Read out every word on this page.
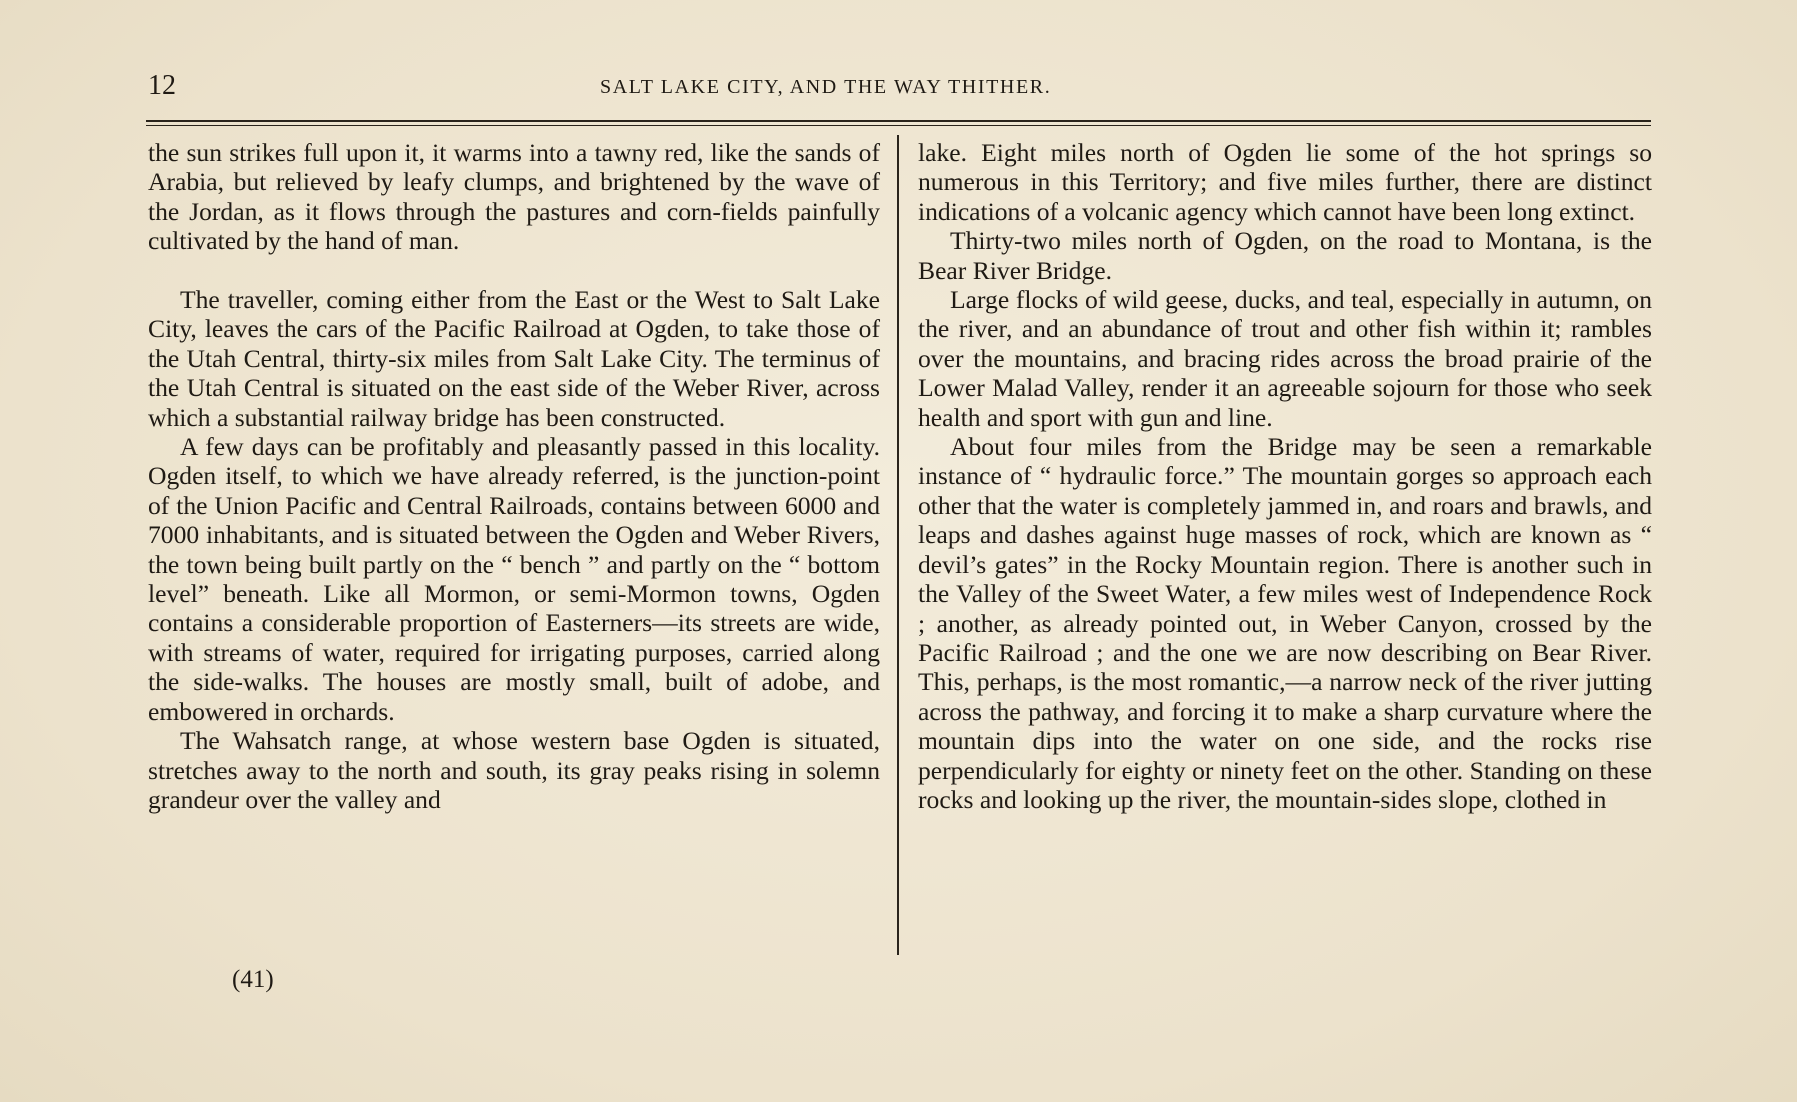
12	SALT LAKE CITY, AND THE WAY THITHER.

the sun strikes full upon it, it warms into a tawny red, like the sands of Arabia, but relieved by leafy clumps, and brightened by the wave of the Jordan, as it flows through the pastures and corn-fields painfully cultivated by the hand of man.

The traveller, coming either from the East or the West to Salt Lake City, leaves the cars of the Pacific Railroad at Ogden, to take those of the Utah Central, thirty-six miles from Salt Lake City. The terminus of the Utah Central is situated on the east side of the Weber River, across which a substantial railway bridge has been constructed.

A few days can be profitably and pleasantly passed in this locality. Ogden itself, to which we have already referred, is the junction-point of the Union Pacific and Central Railroads, contains between 6000 and 7000 inhabitants, and is situated between the Ogden and Weber Rivers, the town being built partly on the “ bench ” and partly on the “ bottom level” beneath. Like all Mormon, or semi-Mormon towns, Ogden contains a considerable proportion of Easterners—its streets are wide, with streams of water, required for irrigating purposes, carried along the side-walks. The houses are mostly small, built of adobe, and embowered in orchards.

The Wahsatch range, at whose western base Ogden is situated, stretches away to the north and south, its gray peaks rising in solemn grandeur over the valley and

lake. Eight miles north of Ogden lie some of the hot springs so numerous in this Territory; and five miles further, there are distinct indications of a volcanic agency which cannot have been long extinct.

Thirty-two miles north of Ogden, on the road to Montana, is the Bear River Bridge.

Large flocks of wild geese, ducks, and teal, especially in autumn, on the river, and an abundance of trout and other fish within it; rambles over the mountains, and bracing rides across the broad prairie of the Lower Malad Valley, render it an agreeable sojourn for those who seek health and sport with gun and line.

About four miles from the Bridge may be seen a remarkable instance of “ hydraulic force.” The mountain gorges so approach each other that the water is completely jammed in, and roars and brawls, and leaps and dashes against huge masses of rock, which are known as “ devil’s gates” in the Rocky Mountain region. There is another such in the Valley of the Sweet Water, a few miles west of Independence Rock ; another, as already pointed out, in Weber Canyon, crossed by the Pacific Railroad ; and the one we are now describing on Bear River. This, perhaps, is the most romantic,—a narrow neck of the river jutting across the pathway, and forcing it to make a sharp curvature where the mountain dips into the water on one side, and the rocks rise perpendicularly for eighty or ninety feet on the other. Standing on these rocks and looking up the river, the mountain-sides slope, clothed in

(41)
